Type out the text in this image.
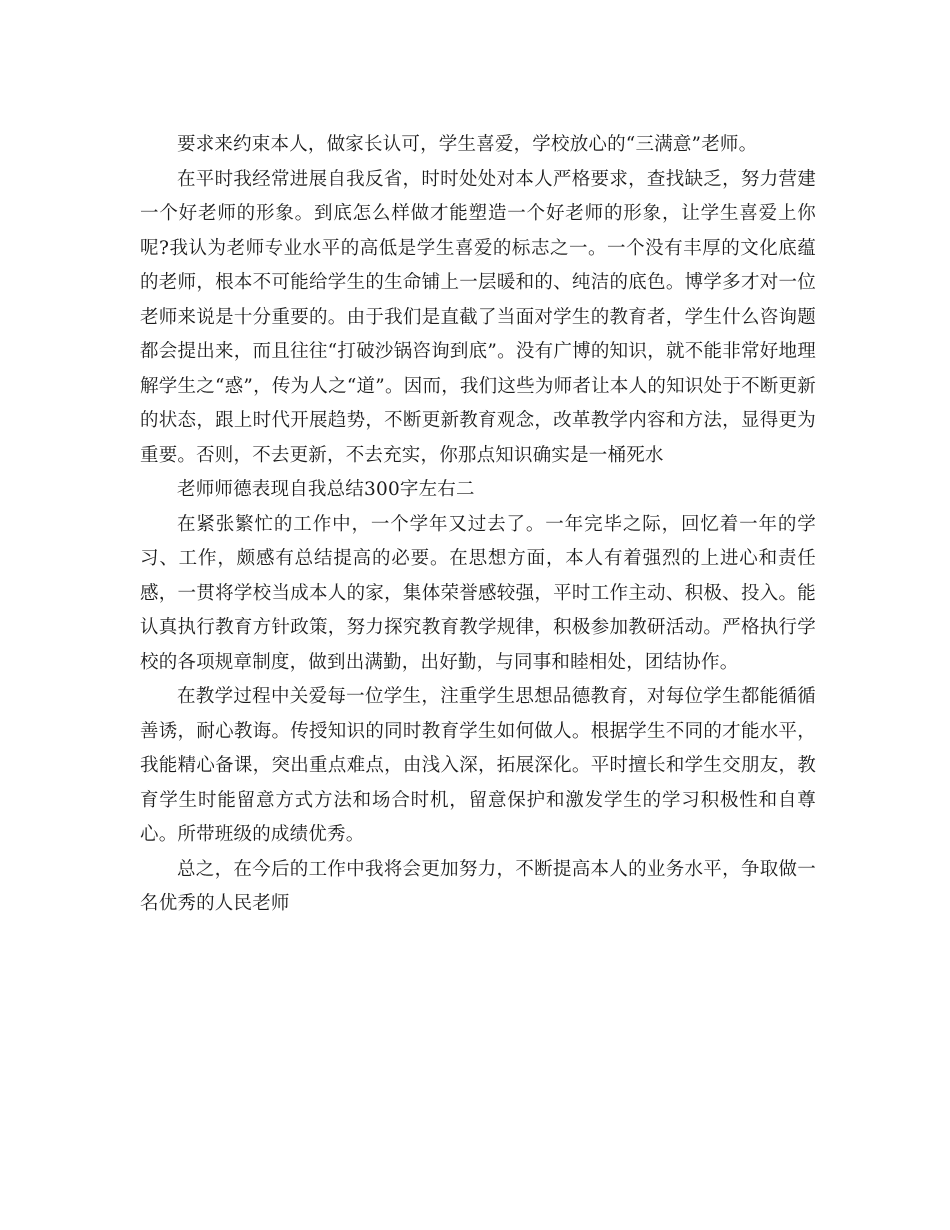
要求来约束本人，做家长认可，学生喜爱，学校放心的“三满意”老师。

在平时我经常进展自我反省，时时处处对本人严格要求，查找缺乏，努力营建一个好老师的形象。到底怎么样做才能塑造一个好老师的形象，让学生喜爱上你呢?我认为老师专业水平的高低是学生喜爱的标志之一。一个没有丰厚的文化底蕴的老师，根本不可能给学生的生命铺上一层暖和的、纯洁的底色。博学多才对一位老师来说是十分重要的。由于我们是直截了当面对学生的教育者，学生什么咨询题都会提出来，而且往往“打破沙锅咨询到底”。没有广博的知识，就不能非常好地理解学生之“惑”，传为人之“道”。因而，我们这些为师者让本人的知识处于不断更新的状态，跟上时代开展趋势，不断更新教育观念，改革教学内容和方法，显得更为重要。否则，不去更新，不去充实，你那点知识确实是一桶死水

老师师德表现自我总结300字左右二

在紧张繁忙的工作中，一个学年又过去了。一年完毕之际，回忆着一年的学习、工作，颇感有总结提高的必要。在思想方面，本人有着强烈的上进心和责任感，一贯将学校当成本人的家，集体荣誉感较强，平时工作主动、积极、投入。能认真执行教育方针政策，努力探究教育教学规律，积极参加教研活动。严格执行学校的各项规章制度，做到出满勤，出好勤，与同事和睦相处，团结协作。

在教学过程中关爱每一位学生，注重学生思想品德教育，对每位学生都能循循善诱，耐心教诲。传授知识的同时教育学生如何做人。根据学生不同的才能水平，我能精心备课，突出重点难点，由浅入深，拓展深化。平时擅长和学生交朋友，教育学生时能留意方式方法和场合时机，留意保护和激发学生的学习积极性和自尊心。所带班级的成绩优秀。

总之，在今后的工作中我将会更加努力，不断提高本人的业务水平，争取做一名优秀的人民老师
